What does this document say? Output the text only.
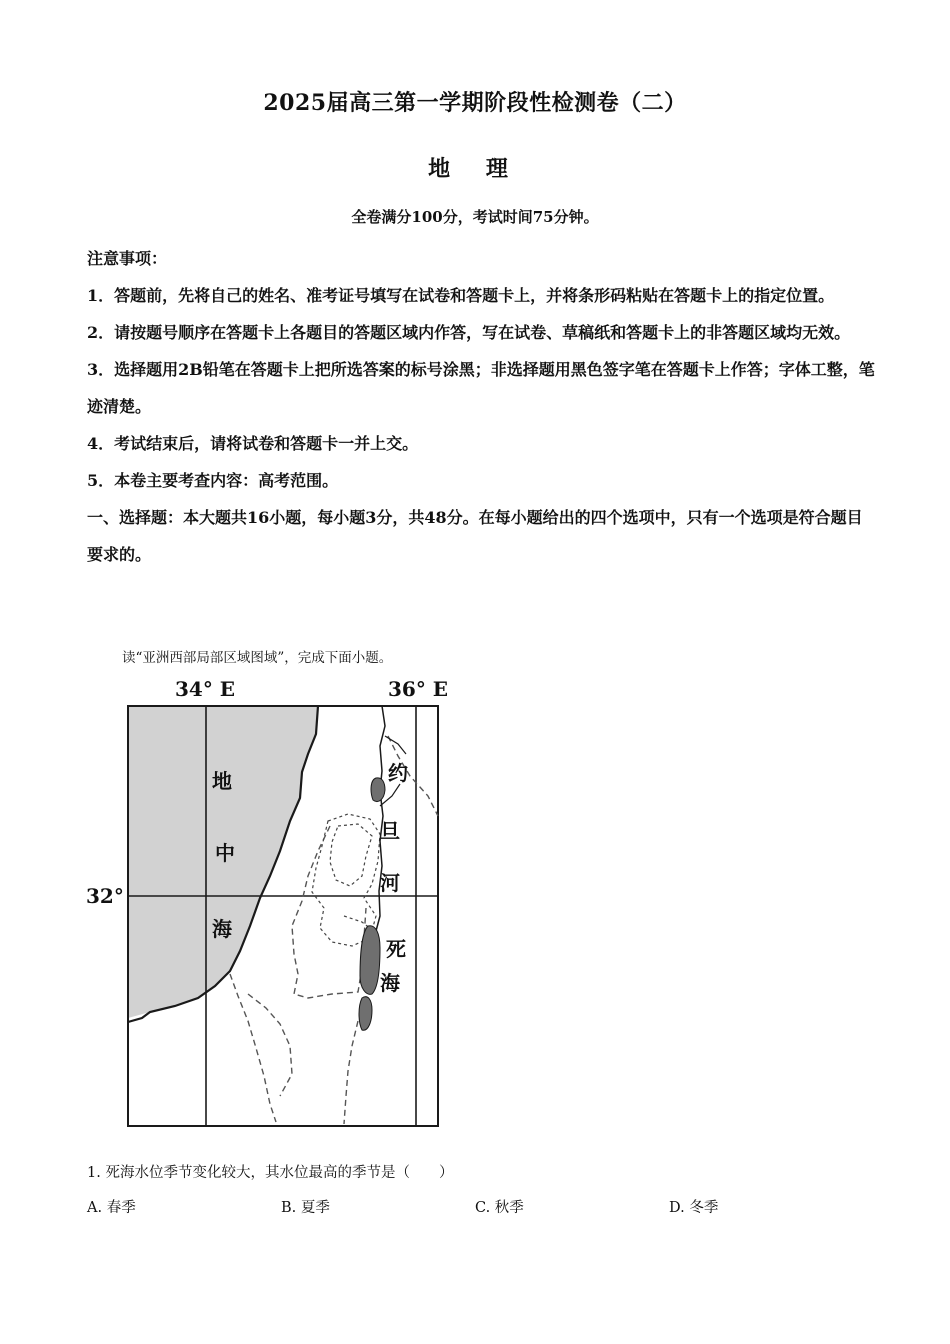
2025届高三第一学期阶段性检测卷（二）
地 理
全卷满分100分，考试时间75分钟。

注意事项：

1．答题前，先将自己的姓名、准考证号填写在试卷和答题卡上，并将条形码粘贴在答题卡上的指定位置。

2．请按题号顺序在答题卡上各题目的答题区域内作答，写在试卷、草稿纸和答题卡上的非答题区域均无效。

3．选择题用2B铅笔在答题卡上把所选答案的标号涂黑；非选择题用黑色签字笔在答题卡上作答；字体工整，笔迹清楚。

4．考试结束后，请将试卷和答题卡一并上交。

5．本卷主要考查内容：高考范围。

一、选择题：本大题共16小题，每小题3分，共48分。在每小题给出的四个选项中，只有一个选项是符合题目要求的。

读“亚洲西部局部区域图域”，完成下面小题。
34° E	36° E
32°
地
中
海
约
旦
河
死
海
1. 死海水位季节变化较大，其水位最高的季节是（　　）
A. 春季	B. 夏季	C. 秋季	D. 冬季
